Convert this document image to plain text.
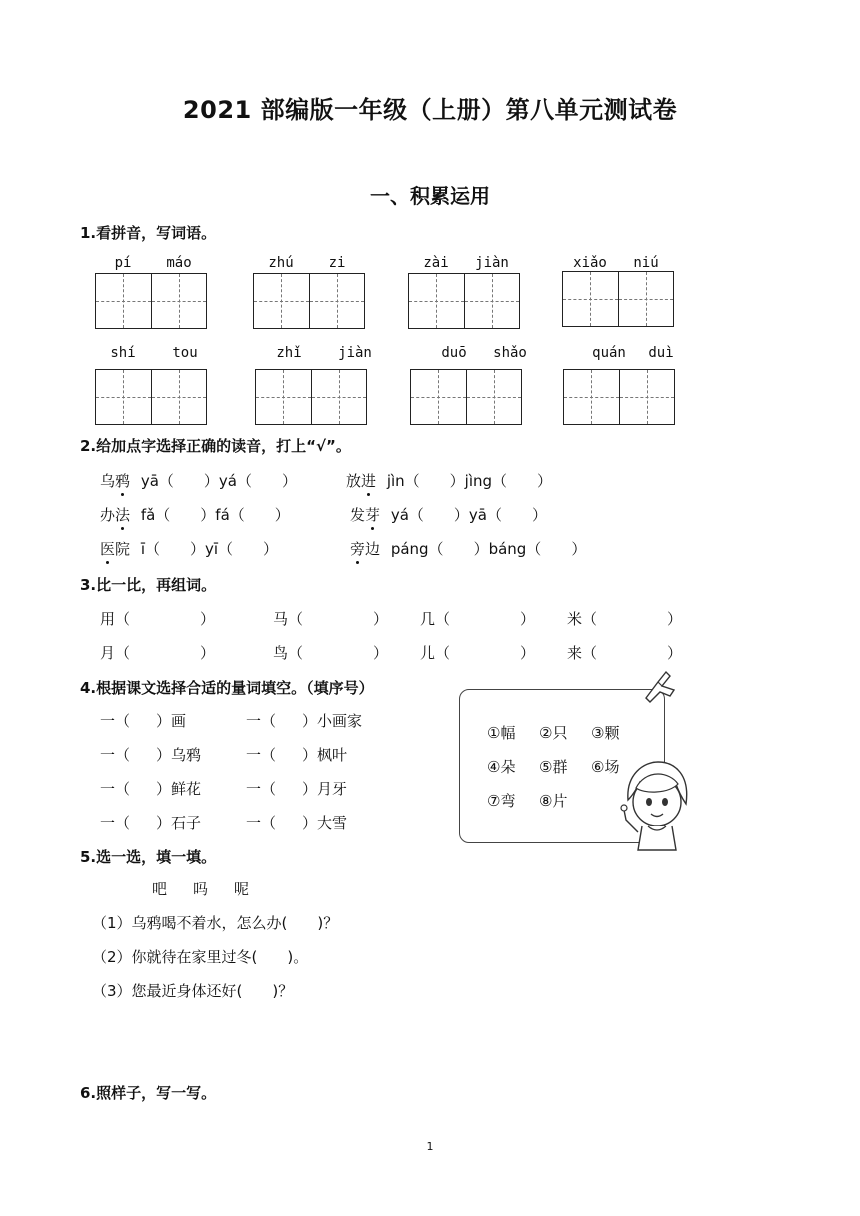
2021 部编版一年级（上册）第八单元测试卷
一、积累运用
1.看拼音，写词语。
pí	máo	zhú	zi	zài	jiàn	xiǎo	niú
shí	tou	zhǐ	jiàn	duō	shǎo	quán	duì
2.给加点字选择正确的读音，打上“√”。
乌鸦 yā（ ）yá（ ）	放进 jìn（ ）jìng（ ）
办法 fǎ（ ）fá（ ）	发芽 yá（ ）yā（ ）
医院 ī（ ）yī（ ）	旁边 páng（ ）báng（ ）
3.比一比，再组词。
用（	）	马（	） 几（	） 米（	）
月（	）	鸟（	） 儿（	） 来（	）
4.根据课文选择合适的量词填空。（填序号）
一（ ）画	一（ ）小画家
一（ ）乌鸦	一（ ）枫叶
一（ ）鲜花	一（ ）月牙
一（ ）石子	一（ ）大雪
①幅 ②只 ③颗
④朵 ⑤群 ⑥场
⑦弯 ⑧片
5.选一选，填一填。
吧 吗 呢
（1）乌鸦喝不着水，怎么办(　　)？
（2）你就待在家里过冬(　　)。
（3）您最近身体还好(　　)？
6.照样子，写一写。
1
